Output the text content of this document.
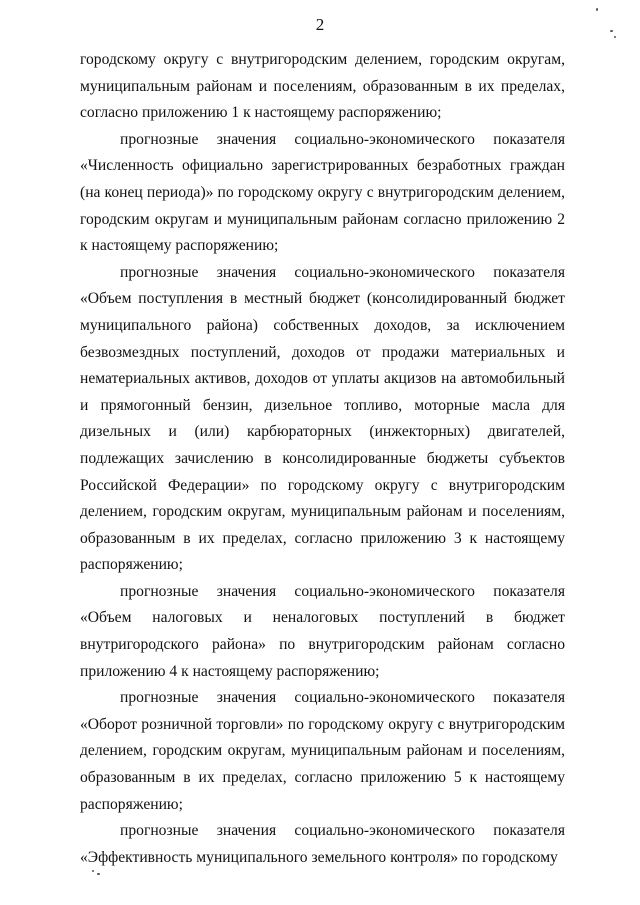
2

городскому округу с внутригородским делением, городским округам, муниципальным районам и поселениям, образованным в их пределах, согласно приложению 1 к настоящему распоряжению;

прогнозные значения социально-экономического показателя «Численность официально зарегистрированных безработных граждан (на конец периода)» по городскому округу с внутригородским делением, городским округам и муниципальным районам согласно приложению 2 к настоящему распоряжению;

прогнозные значения социально-экономического показателя «Объем поступления в местный бюджет (консолидированный бюджет муниципального района) собственных доходов, за исключением безвозмездных поступлений, доходов от продажи материальных и нематериальных активов, доходов от уплаты акцизов на автомобильный и прямогонный бензин, дизельное топливо, моторные масла для дизельных и (или) карбюраторных (инжекторных) двигателей, подлежащих зачислению в консолидированные бюджеты субъектов Российской Федерации» по городскому округу с внутригородским делением, городским округам, муниципальным районам и поселениям, образованным в их пределах, согласно приложению 3 к настоящему распоряжению;

прогнозные значения социально-экономического показателя «Объем налоговых и неналоговых поступлений в бюджет внутригородского района» по внутригородским районам согласно приложению 4 к настоящему распоряжению;

прогнозные значения социально-экономического показателя «Оборот розничной торговли» по городскому округу с внутригородским делением, городским округам, муниципальным районам и поселениям, образованным в их пределах, согласно приложению 5 к настоящему распоряжению;

прогнозные значения социально-экономического показателя «Эффективность муниципального земельного контроля» по городскому
